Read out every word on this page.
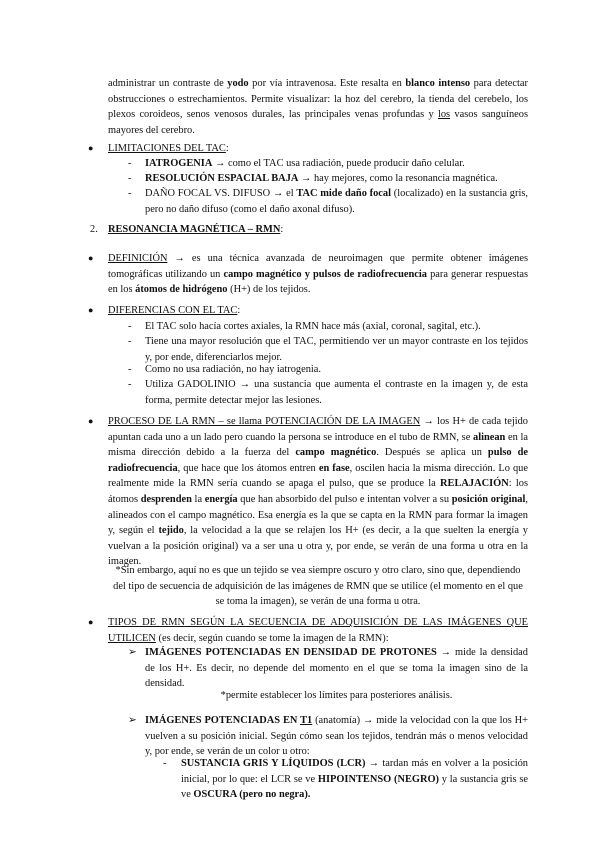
administrar un contraste de yodo por vía intravenosa. Este resalta en blanco intenso para detectar obstrucciones o estrechamientos. Permite visualizar: la hoz del cerebro, la tienda del cerebelo, los plexos coroideos, senos venosos durales, las principales venas profundas y los vasos sanguíneos mayores del cerebro.
● LIMITACIONES DEL TAC:
- IATROGENIA → como el TAC usa radiación, puede producir daño celular.
- RESOLUCIÓN ESPACIAL BAJA → hay mejores, como la resonancia magnética.
- DAÑO FOCAL VS. DIFUSO → el TAC mide daño focal (localizado) en la sustancia gris, pero no daño difuso (como el daño axonal difuso).
2. RESONANCIA MAGNÉTICA – RMN:
● DEFINICIÓN → es una técnica avanzada de neuroimagen que permite obtener imágenes tomográficas utilizando un campo magnético y pulsos de radiofrecuencia para generar respuestas en los átomos de hidrógeno (H+) de los tejidos.
● DIFERENCIAS CON EL TAC:
- El TAC solo hacía cortes axiales, la RMN hace más (axial, coronal, sagital, etc.).
- Tiene una mayor resolución que el TAC, permitiendo ver un mayor contraste en los tejidos y, por ende, diferenciarlos mejor.
- Como no usa radiación, no hay iatrogenia.
- Utiliza GADOLINIO → una sustancia que aumenta el contraste en la imagen y, de esta forma, permite detectar mejor las lesiones.
● PROCESO DE LA RMN – se llama POTENCIACIÓN DE LA IMAGEN → los H+ de cada tejido apuntan cada uno a un lado pero cuando la persona se introduce en el tubo de RMN, se alinean en la misma dirección debido a la fuerza del campo magnético. Después se aplica un pulso de radiofrecuencia, que hace que los átomos entren en fase, oscilen hacia la misma dirección. Lo que realmente mide la RMN sería cuando se apaga el pulso, que se produce la RELAJACIÓN: los átomos desprenden la energía que han absorbido del pulso e intentan volver a su posición original, alineados con el campo magnético. Esa energía es la que se capta en la RMN para formar la imagen y, según el tejido, la velocidad a la que se relajen los H+ (es decir, a la que suelten la energía y vuelvan a la posición original) va a ser una u otra y, por ende, se verán de una forma u otra en la imagen.
*Sin embargo, aquí no es que un tejido se vea siempre oscuro y otro claro, sino que, dependiendo del tipo de secuencia de adquisición de las imágenes de RMN que se utilice (el momento en el que se toma la imagen), se verán de una forma u otra.
● TIPOS DE RMN SEGÚN LA SECUENCIA DE ADQUISICIÓN DE LAS IMÁGENES QUE UTILICEN (es decir, según cuando se tome la imagen de la RMN):
➢ IMÁGENES POTENCIADAS EN DENSIDAD DE PROTONES → mide la densidad de los H+. Es decir, no depende del momento en el que se toma la imagen sino de la densidad.
*permite establecer los límites para posteriores análisis.
➢ IMÁGENES POTENCIADAS EN T1 (anatomía) → mide la velocidad con la que los H+ vuelven a su posición inicial. Según cómo sean los tejidos, tendrán más o menos velocidad y, por ende, se verán de un color u otro:
- SUSTANCIA GRIS Y LÍQUIDOS (LCR) → tardan más en volver a la posición inicial, por lo que: el LCR se ve HIPOINTENSO (NEGRO) y la sustancia gris se ve OSCURA (pero no negra).
